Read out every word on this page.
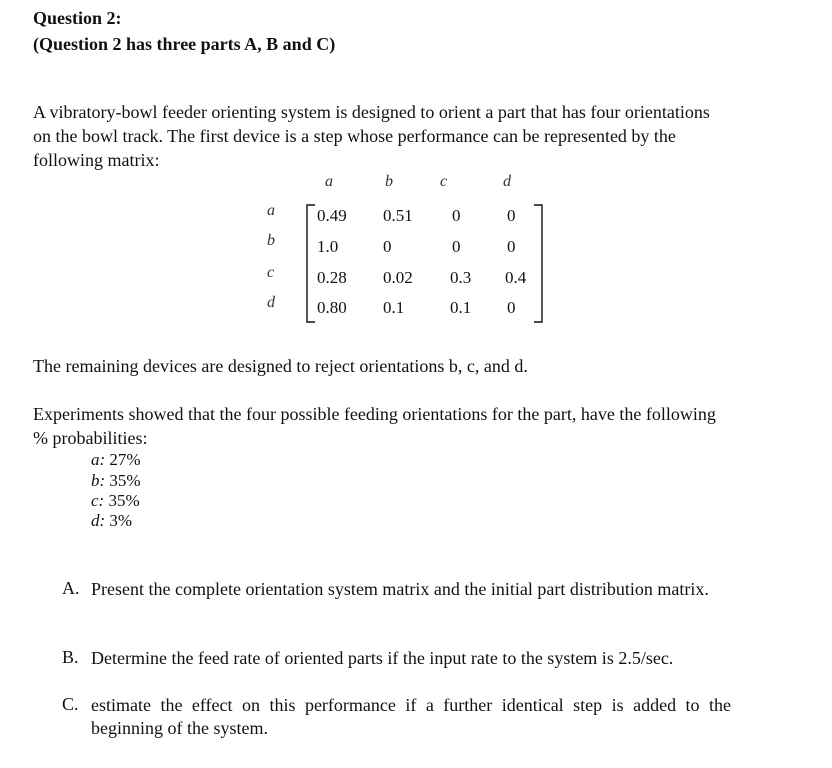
Question 2:
(Question 2 has three parts A, B and C)
A vibratory-bowl feeder orienting system is designed to orient a part that has four orientations
on the bowl track. The first device is a step whose performance can be represented by the
following matrix:
a	b	c	d
a
b
c
d
0.49 0.51 0	0
1.0	0	0	0
0.28 0.02 0.3 0.4
0.80 0.1	0.1 0
The remaining devices are designed to reject orientations b, c, and d.
Experiments showed that the four possible feeding orientations for the part, have the following
% probabilities:
a: 27%
b: 35%
c: 35%
d: 3%
A. Present the complete orientation system matrix and the initial part distribution matrix.
B. Determine the feed rate of oriented parts if the input rate to the system is 2.5/sec.
C. estimate the effect on this performance if a further identical step is added to the beginning of the system.
